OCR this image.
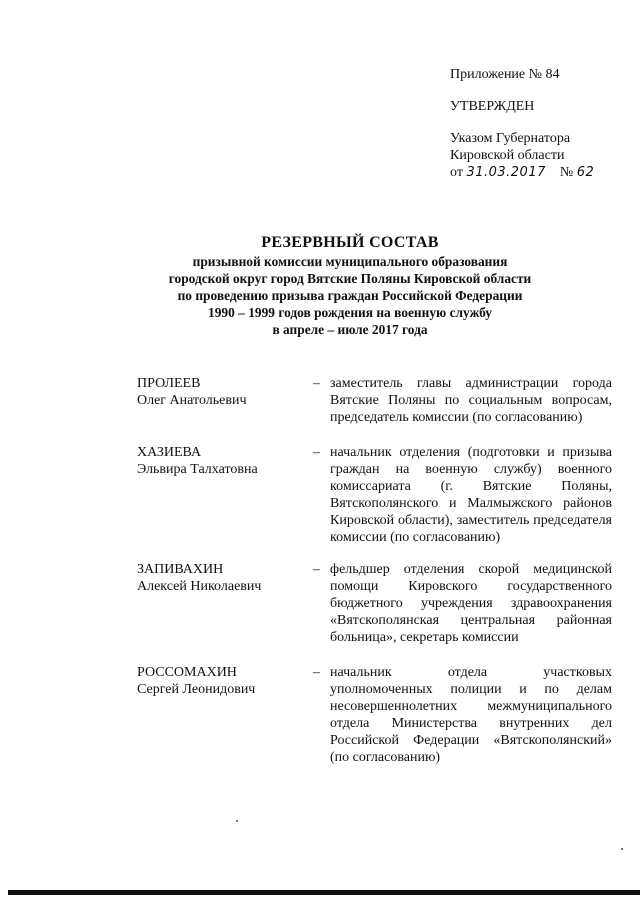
Приложение № 84
УТВЕРЖДЕН
Указом Губернатора
Кировской области
от 31.03.2017 № 62
РЕЗЕРВНЫЙ СОСТАВ
призывной комиссии муниципального образования
городской округ город Вятские Поляны Кировской области
по проведению призыва граждан Российской Федерации
1990 – 1999 годов рождения на военную службу
в апреле – июле 2017 года
ПРОЛЕЕВ
Олег Анатольевич
– заместитель главы администрации города Вятские Поляны по социальным вопросам, председатель комиссии (по согласованию)
ХАЗИЕВА
Эльвира Талхатовна
– начальник отделения (подготовки и призыва граждан на военную службу) военного комиссариата (г. Вятские Поляны, Вятскополянского и Малмыжского районов Кировской области), заместитель председателя комиссии (по согласованию)
ЗАПИВАХИН
Алексей Николаевич
– фельдшер отделения скорой медицинской помощи Кировского государственного бюджетного учреждения здравоохранения «Вятскополянская центральная районная больница», секретарь комиссии
РОССОМАХИН
Сергей Леонидович
– начальник отдела участковых уполномоченных полиции и по делам несовершеннолетних межмуниципального отдела Министерства внутренних дел Российской Федерации «Вятскополянский» (по согласованию)
